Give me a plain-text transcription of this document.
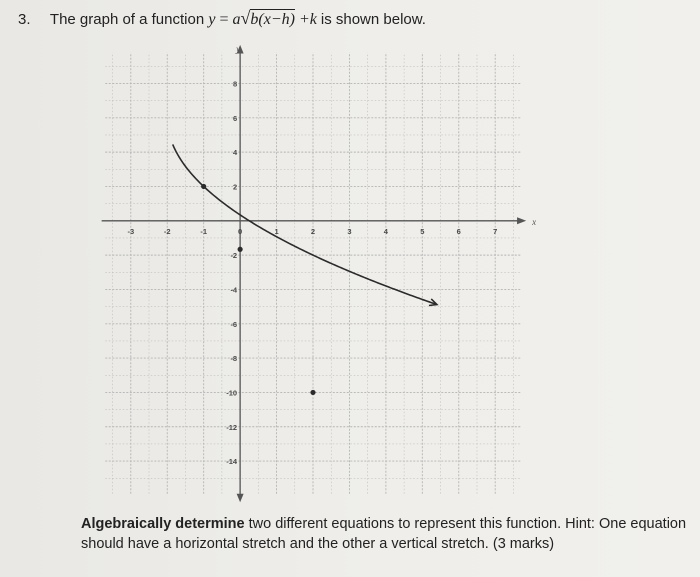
3. The graph of a function y = a√b(x−h) +k is shown below.
x
y
-3	-2	-1	0	1	2	3	4	5	6	7
8
6
4
2
-2
-4
-6
-8
-10
-12
-14
Algebraically determine two different equations to represent this function. Hint: One equation should have a horizontal stretch and the other a vertical stretch. (3 marks)
